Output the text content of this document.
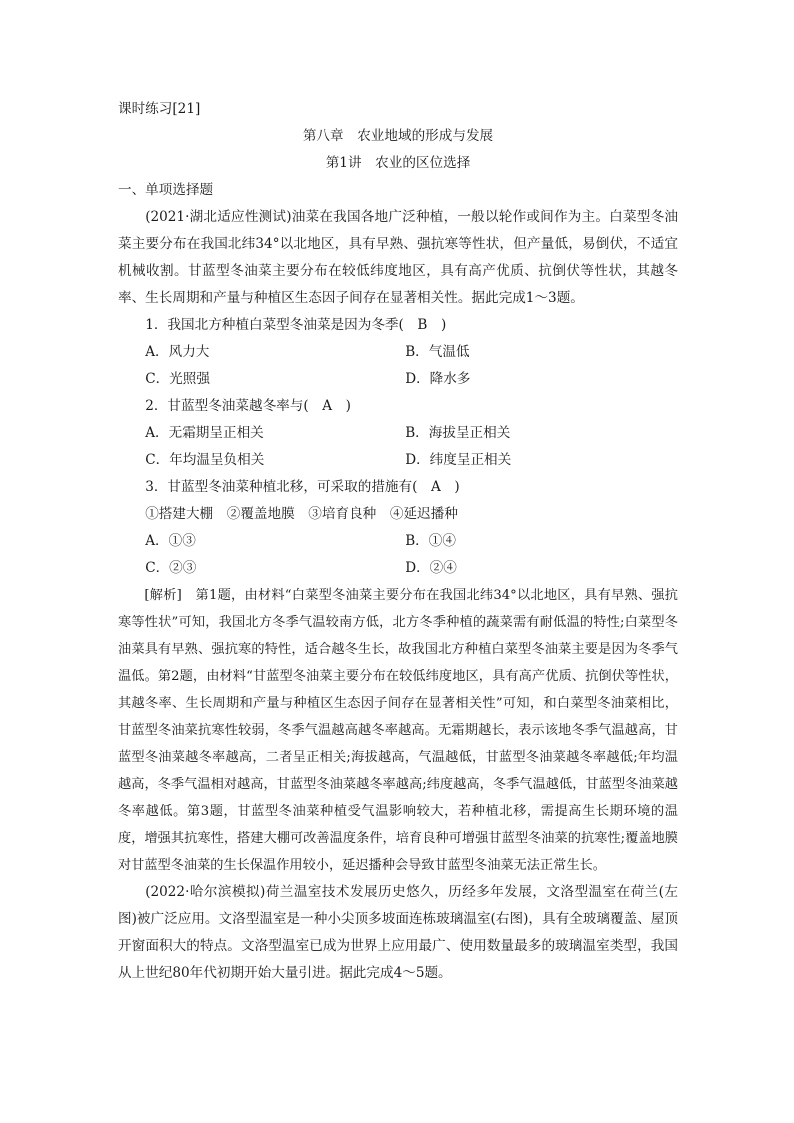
课时练习[21]
第八章　农业地域的形成与发展
第1讲　农业的区位选择
一、单项选择题

(2021·湖北适应性测试)油菜在我国各地广泛种植，一般以轮作或间作为主。白菜型冬油菜主要分布在我国北纬34°以北地区，具有早熟、强抗寒等性状，但产量低，易倒伏，不适宜机械收割。甘蓝型冬油菜主要分布在较低纬度地区，具有高产优质、抗倒伏等性状，其越冬率、生长周期和产量与种植区生态因子间存在显著相关性。据此完成1～3题。

1．我国北方种植白菜型冬油菜是因为冬季(　B　)
A．风力大	B．气温低
C．光照强	D．降水多
2．甘蓝型冬油菜越冬率与(　A　)
A．无霜期呈正相关	B．海拔呈正相关
C．年均温呈负相关	D．纬度呈正相关
3．甘蓝型冬油菜种植北移，可采取的措施有(　A　)
①搭建大棚　②覆盖地膜　③培育良种　④延迟播种
A．①③	B．①④
C．②③	D．②④

[解析]　第1题，由材料“白菜型冬油菜主要分布在我国北纬34°以北地区，具有早熟、强抗寒等性状”可知，我国北方冬季气温较南方低，北方冬季种植的蔬菜需有耐低温的特性;白菜型冬油菜具有早熟、强抗寒的特性，适合越冬生长，故我国北方种植白菜型冬油菜主要是因为冬季气温低。第2题，由材料“甘蓝型冬油菜主要分布在较低纬度地区，具有高产优质、抗倒伏等性状，其越冬率、生长周期和产量与种植区生态因子间存在显著相关性”可知，和白菜型冬油菜相比，甘蓝型冬油菜抗寒性较弱，冬季气温越高越冬率越高。无霜期越长，表示该地冬季气温越高，甘蓝型冬油菜越冬率越高，二者呈正相关;海拔越高，气温越低，甘蓝型冬油菜越冬率越低;年均温越高，冬季气温相对越高，甘蓝型冬油菜越冬率越高;纬度越高，冬季气温越低，甘蓝型冬油菜越冬率越低。第3题，甘蓝型冬油菜种植受气温影响较大，若种植北移，需提高生长期环境的温度，增强其抗寒性，搭建大棚可改善温度条件，培育良种可增强甘蓝型冬油菜的抗寒性;覆盖地膜对甘蓝型冬油菜的生长保温作用较小，延迟播种会导致甘蓝型冬油菜无法正常生长。

(2022·哈尔滨模拟)荷兰温室技术发展历史悠久，历经多年发展，文洛型温室在荷兰(左图)被广泛应用。文洛型温室是一种小尖顶多坡面连栋玻璃温室(右图)，具有全玻璃覆盖、屋顶开窗面积大的特点。文洛型温室已成为世界上应用最广、使用数量最多的玻璃温室类型，我国从上世纪80年代初期开始大量引进。据此完成4～5题。
